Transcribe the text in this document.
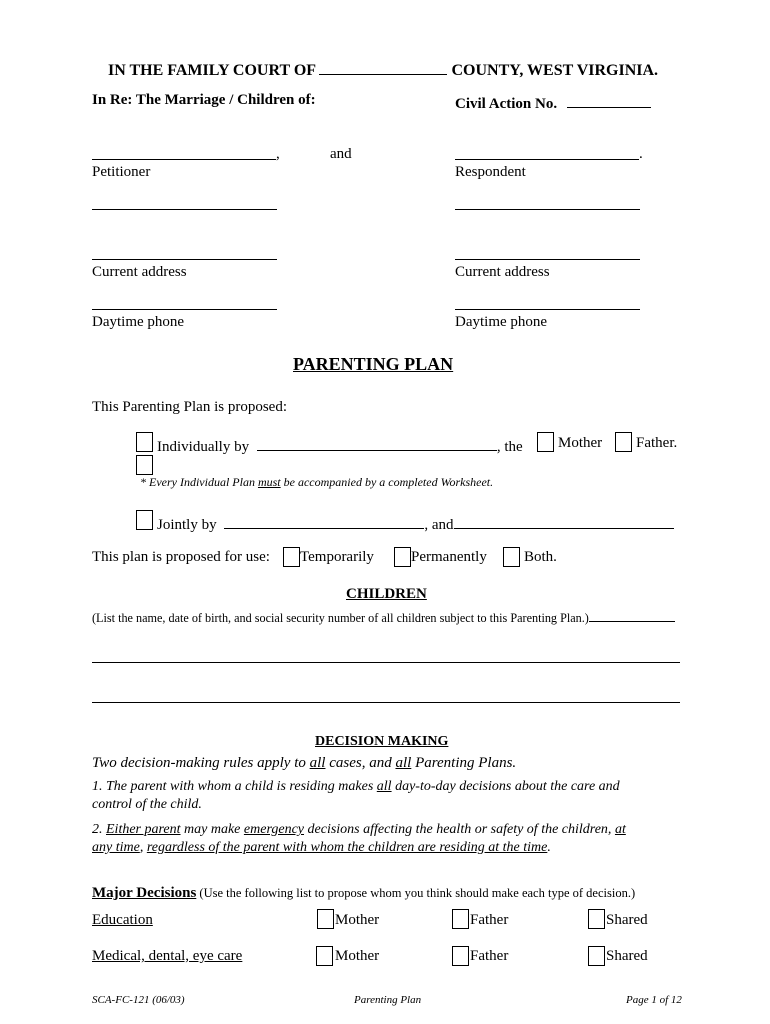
IN THE FAMILY COURT OF	COUNTY, WEST VIRGINIA.
In Re: The Marriage / Children of:	Civil Action No.
,	and	.
Petitioner	Respondent
Current address	Current address
Daytime phone	Daytime phone
PARENTING PLAN
This Parenting Plan is proposed:
Individually by	, the Mother Father.
* Every Individual Plan must be accompanied by a completed Worksheet.
Jointly by	, and
This plan is proposed for use: Temporarily Permanently Both.
CHILDREN
(List the name, date of birth, and social security number of all children subject to this Parenting Plan.)
DECISION MAKING
Two decision-making rules apply to all cases, and all Parenting Plans.
1. The parent with whom a child is residing makes all day-to-day decisions about the care and
control of the child.
2. Either parent may make emergency decisions affecting the health or safety of the children, at
any time, regardless of the parent with whom the children are residing at the time.
Major Decisions (Use the following list to propose whom you think should make each type of decision.)
Education	Mother	Father	Shared
Medical, dental, eye care	Mother	Father	Shared
SCA-FC-121 (06/03)	Parenting Plan	Page 1 of 12
